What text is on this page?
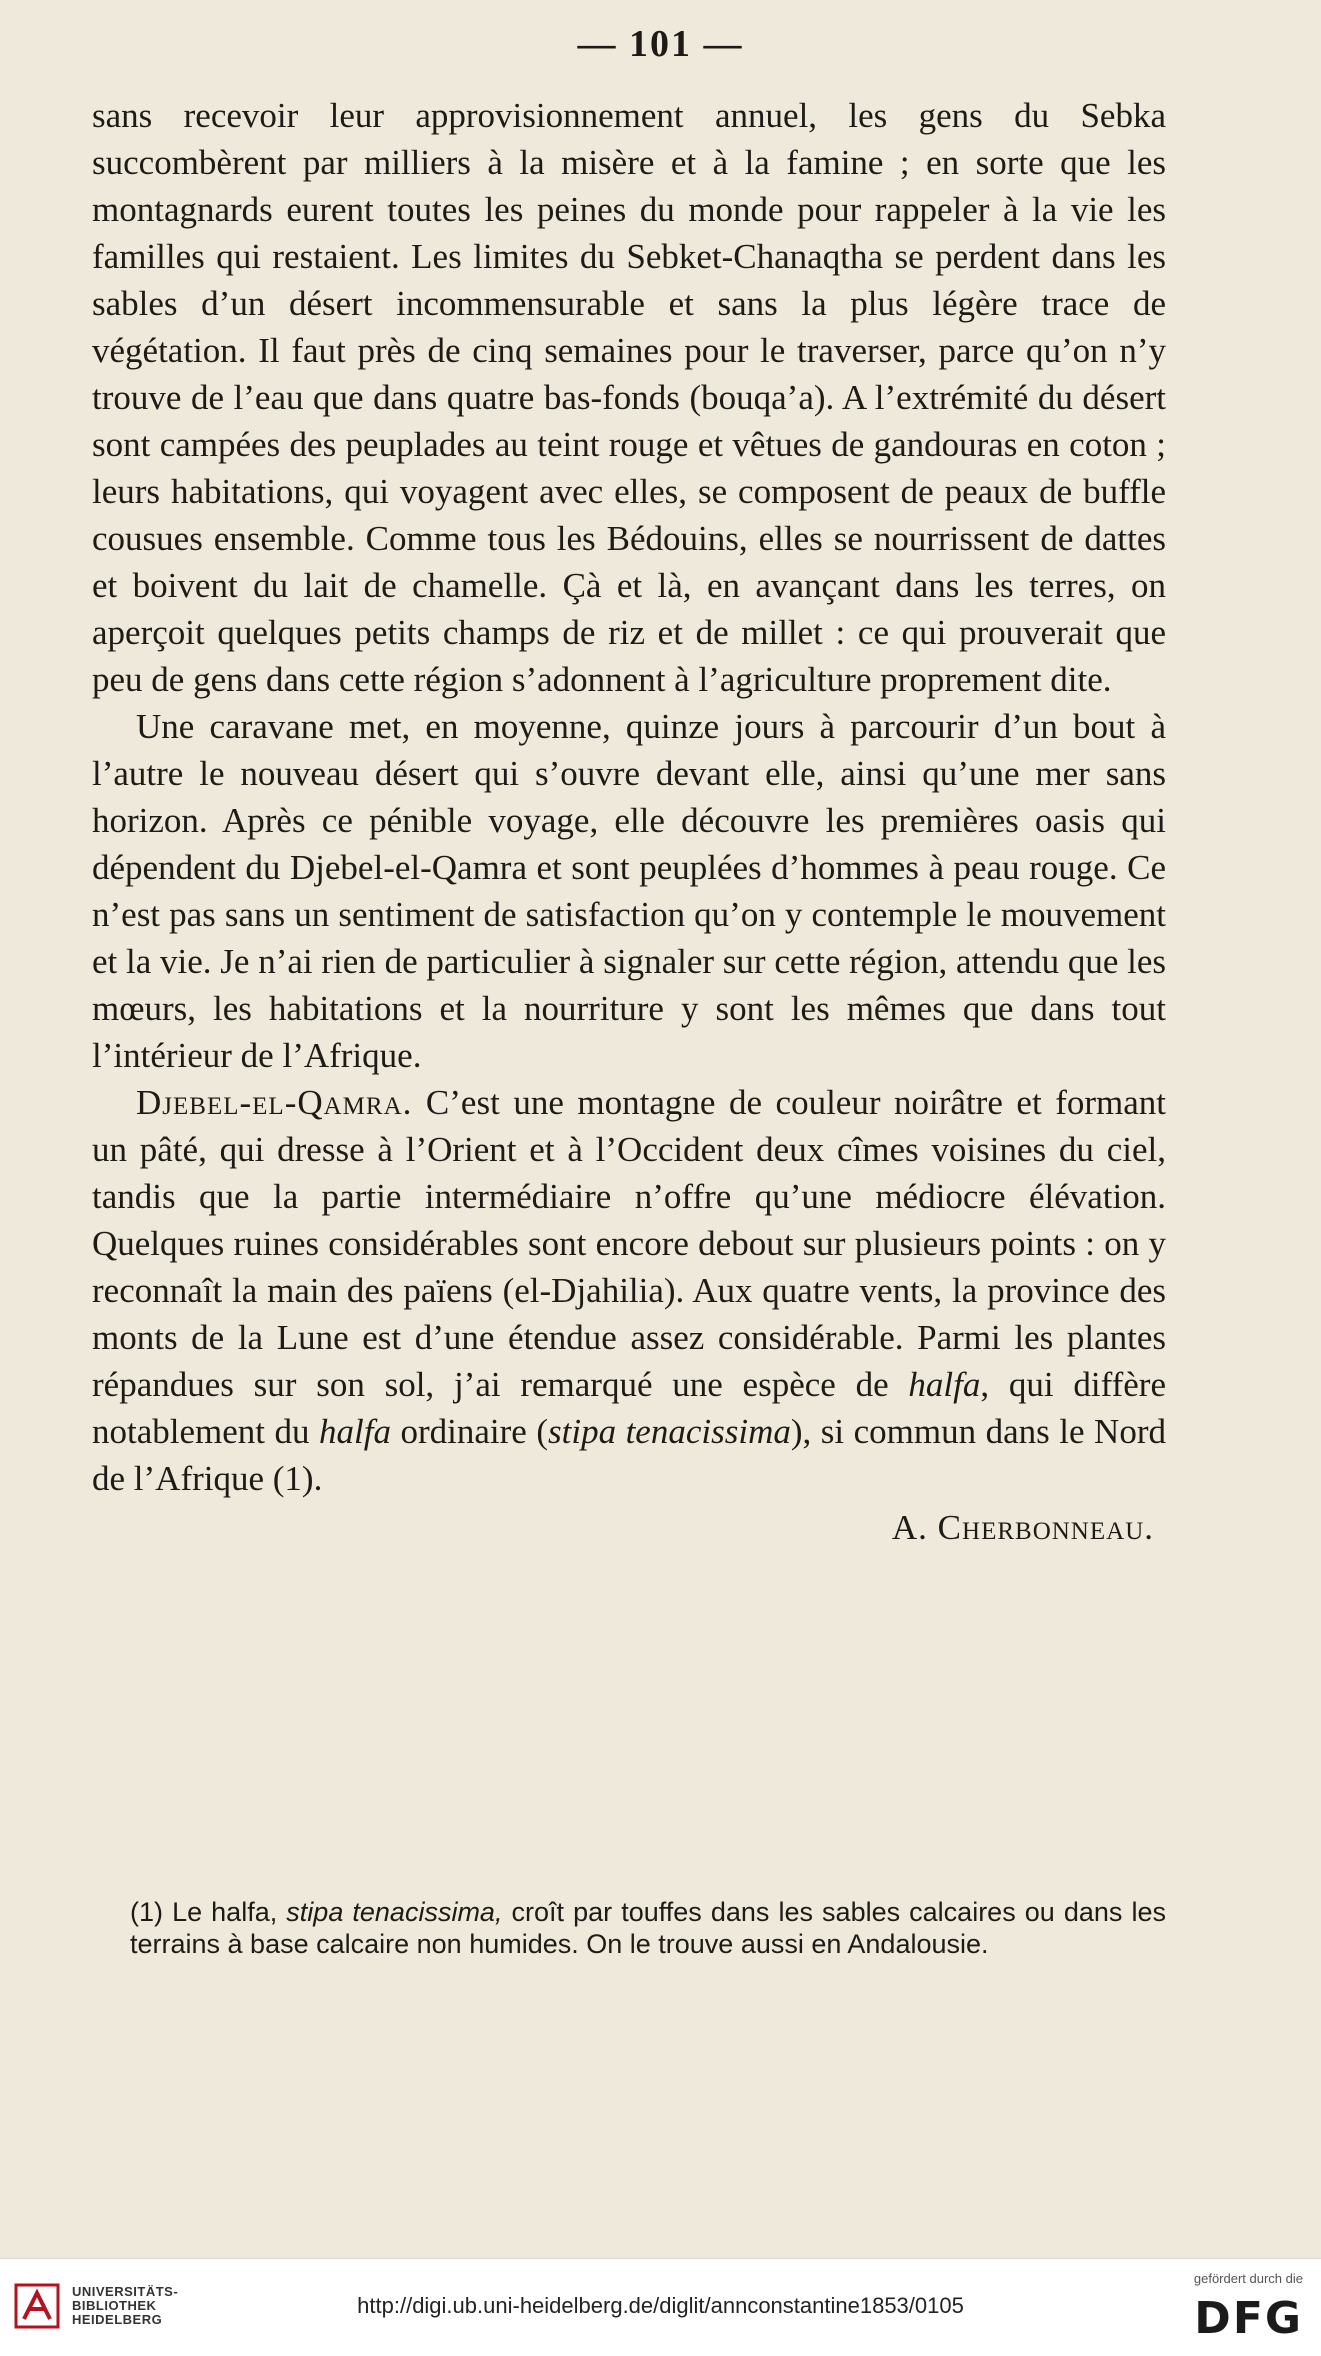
— 101 —

sans recevoir leur approvisionnement annuel, les gens du Sebka succombèrent par milliers à la misère et à la famine ; en sorte que les montagnards eurent toutes les peines du monde pour rappeler à la vie les familles qui restaient. Les limites du Sebket-Chanaqtha se perdent dans les sables d’un désert incommensurable et sans la plus légère trace de végétation. Il faut près de cinq semaines pour le traverser, parce qu’on n’y trouve de l’eau que dans quatre bas-fonds (bouqa’a). A l’extrémité du désert sont campées des peuplades au teint rouge et vêtues de gandouras en coton ; leurs habitations, qui voyagent avec elles, se composent de peaux de buffle cousues ensemble. Comme tous les Bédouins, elles se nourrissent de dattes et boivent du lait de chamelle. Çà et là, en avançant dans les terres, on aperçoit quelques petits champs de riz et de millet : ce qui prouverait que peu de gens dans cette région s’adonnent à l’agriculture proprement dite.

Une caravane met, en moyenne, quinze jours à parcourir d’un bout à l’autre le nouveau désert qui s’ouvre devant elle, ainsi qu’une mer sans horizon. Après ce pénible voyage, elle découvre les premières oasis qui dépendent du Djebel-el-Qamra et sont peuplées d’hommes à peau rouge. Ce n’est pas sans un sentiment de satisfaction qu’on y contemple le mouvement et la vie. Je n’ai rien de particulier à signaler sur cette région, attendu que les mœurs, les habitations et la nourriture y sont les mêmes que dans tout l’intérieur de l’Afrique.

Djebel-el-Qamra. C’est une montagne de couleur noirâtre et formant un pâté, qui dresse à l’Orient et à l’Occident deux cîmes voisines du ciel, tandis que la partie intermédiaire n’offre qu’une médiocre élévation. Quelques ruines considérables sont encore debout sur plusieurs points : on y reconnaît la main des païens (el-Djahilia). Aux quatre vents, la province des monts de la Lune est d’une étendue assez considérable. Parmi les plantes répandues sur son sol, j’ai remarqué une espèce de halfa, qui diffère notablement du halfa ordinaire (stipa tenacissima), si commun dans le Nord de l’Afrique (1).

A. Cherbonneau.
(1) Le halfa, stipa tenacissima, croît par touffes dans les sables calcaires ou dans les terrains à base calcaire non humides. On le trouve aussi en Andalousie.
UNIVERSITÄTS-
BIBLIOTHEK
HEIDELBERG
http://digi.ub.uni-heidelberg.de/diglit/annconstantine1853/0105
gefördert durch die
DFG
